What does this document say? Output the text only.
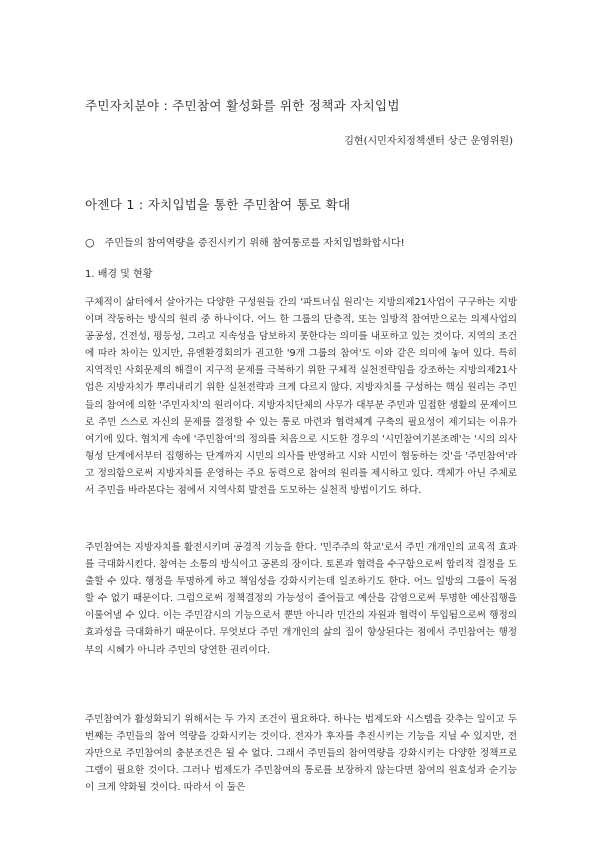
주민자치분야 : 주민참여 활성화를 위한 정책과 자치입법
김현(시민자치정책센터 상근 운영위원)
아젠다 1 : 자치입법을 통한 주민참여 통로 확대
○ 주민들의 참여역량을 증진시키기 위해 참여통로를 자치입법화합시다!
1. 배경 및 현황

구체적이 삶터에서 살아가는 다양한 구성원들 간의 '파트너십 원리'는 지방의제21사업이 구구하는 지방이며 작동하는 방식의 원리 중 하나이다. 어느 한 그룹의 단층적, 또는 일방적 참여만으로는 의제사업의 공공성, 건전성, 평등성, 그리고 지속성을 담보하지 못한다는 의미를 내포하고 있는 것이다. 지역의 조건에 따라 차이는 있지만, 유엔환경회의가 권고한 '9개 그룹의 참여'도 이와 같은 의미에 놓여 있다. 특히 지역적인 사회문제의 해결이 지구적 문제를 극복하기 위한 구체적 실천전략임을 강조하는 지방의제21사업은 지방자치가 뿌리내리기 위한 실천전략과 크게 다르지 않다. 지방자치를 구성하는 핵심 원리는 주민들의 참여에 의한 '주민자치'의 원리이다. 지방자치단체의 사무가 대부분 주민과 밀접한 생활의 문제이므로 주민 스스로 자신의 문제를 결정할 수 있는 통로 마련과 협력체계 구축의 필요성이 제기되는 이유가 여기에 있다. 협치게 속에 '주민참여'의 정의를 처음으로 시도한 경우의 '시민참여기본조례'는 '시의 의사형성 단계에서부터 집행하는 단계까지 시민의 의사를 반영하고 시와 시민이 협동하는 것'을 '주민참여'라고 정의함으로써 지방자치를 운영하는 주요 동력으로 참여의 원리를 제시하고 있다. 객체가 아닌 주체로서 주민을 바라본다는 점에서 지역사회 발전을 도모하는 실천적 방법이기도 하다.

주민참여는 지방자치를 활전시키며 공경적 기능을 한다. '민주주의 학교'로서 주민 개개인의 교육적 효과를 극대화시킨다. 참여는 소통의 방식이고 공론의 장이다. 토론과 협력을 수구함으로써 합리적 결정을 도출할 수 있다. 행정을 투명하게 하고 책임성을 강화시키는데 일조하기도 한다. 어느 일방의 그룹이 독점할 수 없기 때문이다. 그럼으로써 정책결정의 가능성이 줄어들고 예산을 감염으로써 투명한 예산집행을 이룰어낼 수 있다. 이는 주민감시의 기능으로서 뿐만 아니라 민간의 자원과 협력이 투입됨으로써 행정의 효과성을 극대화하기 때문이다. 무엇보다 주민 개개인의 삶의 질이 향상된다는 점에서 주민참여는 행정부의 시혜가 아니라 주민의 당연한 권리이다.

주민참여가 활성화되기 위해서는 두 가지 조건이 필요하다. 하나는 법제도와 시스템을 갖추는 일이고 두 번째는 주민들의 참여 역량을 강화시키는 것이다. 전자가 후자를 추진시키는 기능을 지닐 수 있지만, 전자만으로 주민참여의 충분조건은 될 수 없다. 그래서 주민들의 참여역량을 강화시키는 다양한 정책프로그램이 필요한 것이다. 그러나 법제도가 주민참여의 통로를 보장하지 않는다면 참여의 원효성과 순기능이 크게 약화될 것이다. 따라서 이 둘은
